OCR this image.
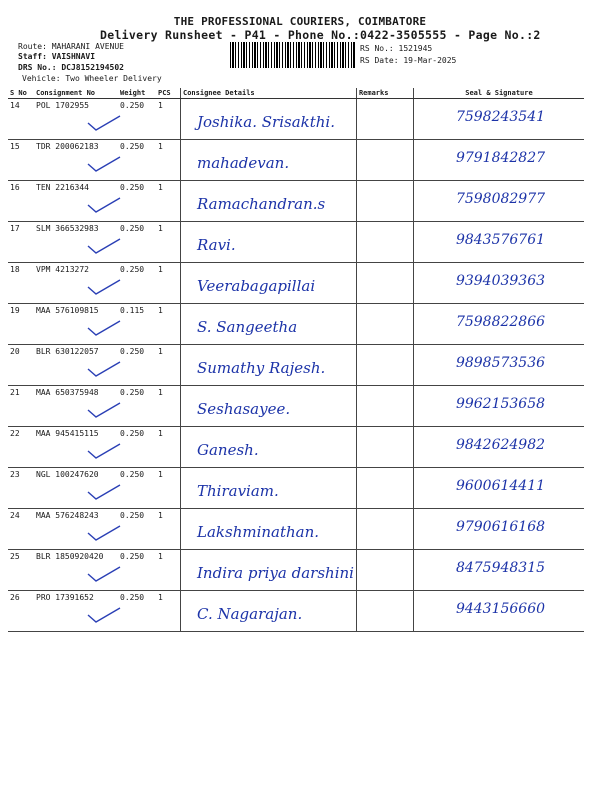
THE PROFESSIONAL COURIERS, COIMBATORE
Delivery Runsheet - P41 - Phone No.:0422-3505555 - Page No.:2
Route: MAHARANI AVENUE
Staff: VAISHNAVI
DRS No.: DCJ8152194502
Vehicle: Two Wheeler Delivery
RS No.: 1521945
RS Date: 19-Mar-2025
S No	Consignment No	Weight	PCS	Consignee Details	Remarks	Seal & Signature
14	POL 1702955	0.250	1	Joshika. Srisakthi.		7598243541
15	TDR 200062183	0.250	1	mahadevan.		9791842827
16	TEN 2216344	0.250	1	Ramachandran.s		7598082977
17	SLM 366532983	0.250	1	Ravi.		9843576761
18	VPM 4213272	0.250	1	Veerabagapillai		9394039363
19	MAA 576109815	0.115	1	S. Sangeetha		7598822866
20	BLR 630122057	0.250	1	Sumathy Rajesh.		9898573536
21	MAA 650375948	0.250	1	Seshasayee.		9962153658
22	MAA 945415115	0.250	1	Ganesh.		9842624982
23	NGL 100247620	0.250	1	Thiraviam.		9600614411
24	MAA 576248243	0.250	1	Lakshminathan.		9790616168
25	BLR 1850920420	0.250	1	Indira priya darshini		8475948315
26	PRO 17391652	0.250	1	C. Nagarajan.		9443156660
